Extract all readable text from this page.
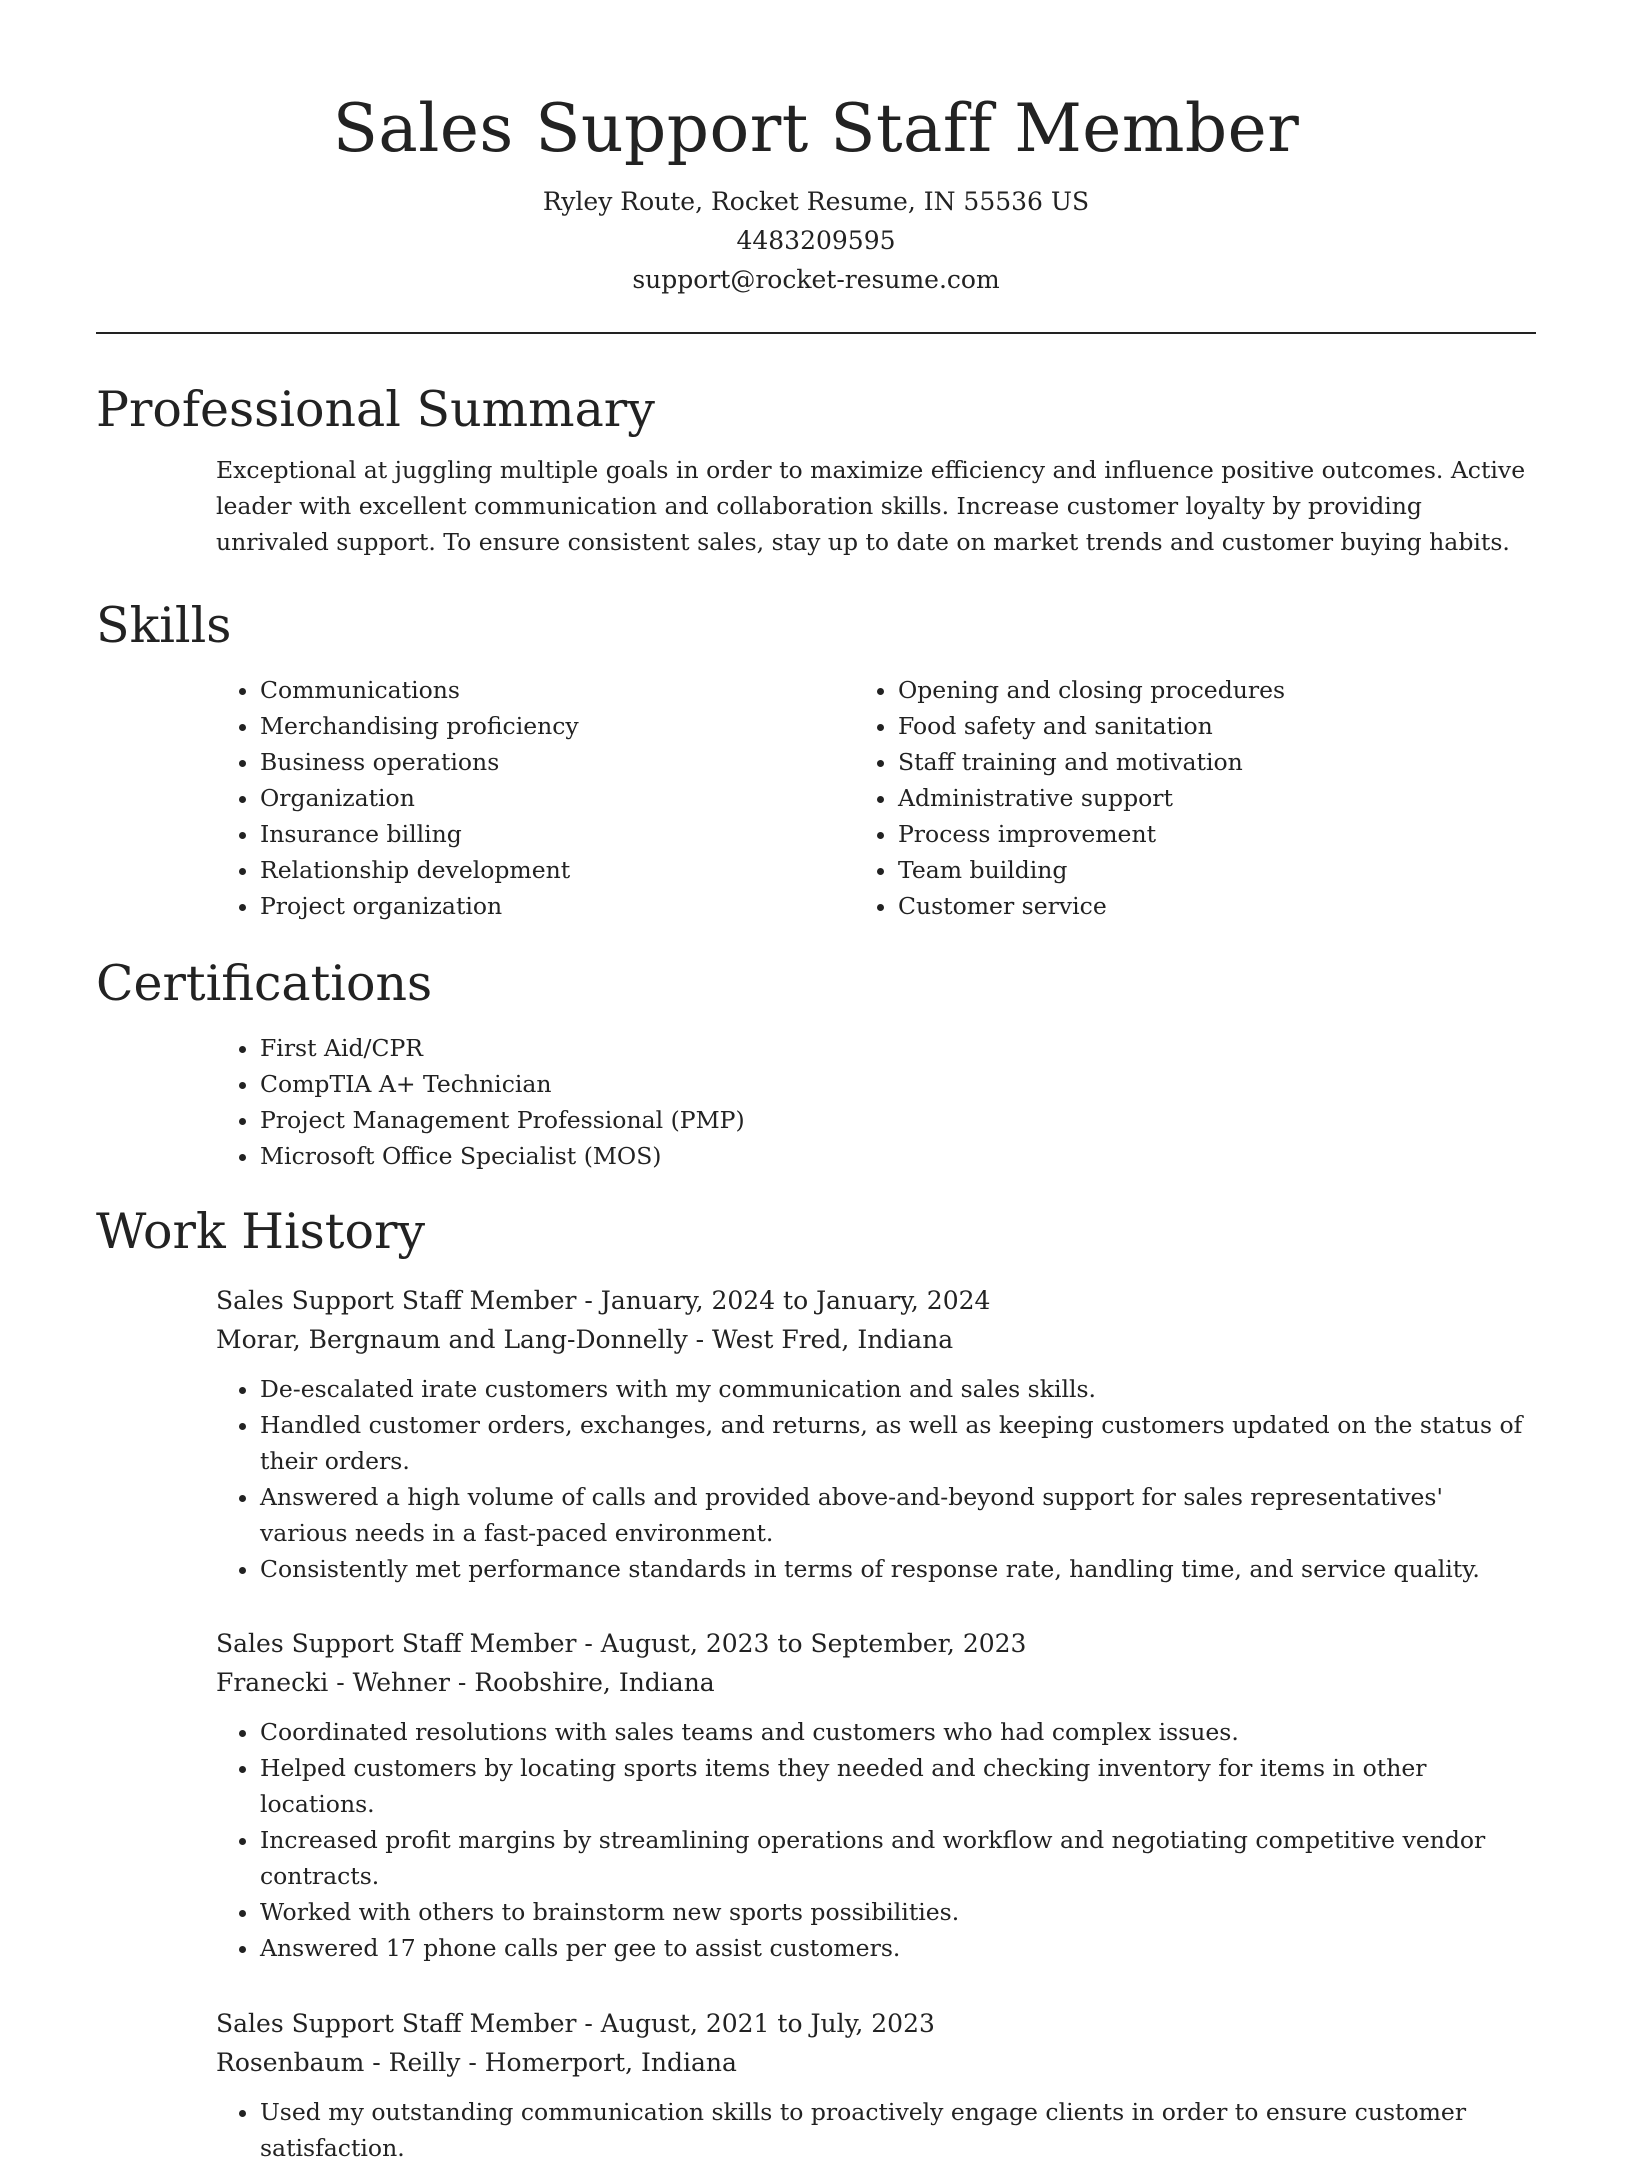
Sales Support Staff Member
Ryley Route, Rocket Resume, IN 55536 US
4483209595
support@rocket-resume.com
Professional Summary

Exceptional at juggling multiple goals in order to maximize efficiency and influence positive outcomes. Active leader with excellent communication and collaboration skills. Increase customer loyalty by providing unrivaled support. To ensure consistent sales, stay up to date on market trends and customer buying habits.

Skills
• Communications
• Merchandising proficiency
• Business operations
• Organization
• Insurance billing
• Relationship development
• Project organization
• Opening and closing procedures
• Food safety and sanitation
• Staff training and motivation
• Administrative support
• Process improvement
• Team building
• Customer service
Certifications
• First Aid/CPR
• CompTIA A+ Technician
• Project Management Professional (PMP)
• Microsoft Office Specialist (MOS)
Work History
Sales Support Staff Member - January, 2024 to January, 2024
Morar, Bergnaum and Lang-Donnelly - West Fred, Indiana
• De-escalated irate customers with my communication and sales skills.
• Handled customer orders, exchanges, and returns, as well as keeping customers updated on the status of their orders.
• Answered a high volume of calls and provided above-and-beyond support for sales representatives' various needs in a fast-paced environment.
• Consistently met performance standards in terms of response rate, handling time, and service quality.
Sales Support Staff Member - August, 2023 to September, 2023
Franecki - Wehner - Roobshire, Indiana
• Coordinated resolutions with sales teams and customers who had complex issues.
• Helped customers by locating sports items they needed and checking inventory for items in other locations.
• Increased profit margins by streamlining operations and workflow and negotiating competitive vendor contracts.
• Worked with others to brainstorm new sports possibilities.
• Answered 17 phone calls per gee to assist customers.
Sales Support Staff Member - August, 2021 to July, 2023
Rosenbaum - Reilly - Homerport, Indiana
• Used my outstanding communication skills to proactively engage clients in order to ensure customer satisfaction.
